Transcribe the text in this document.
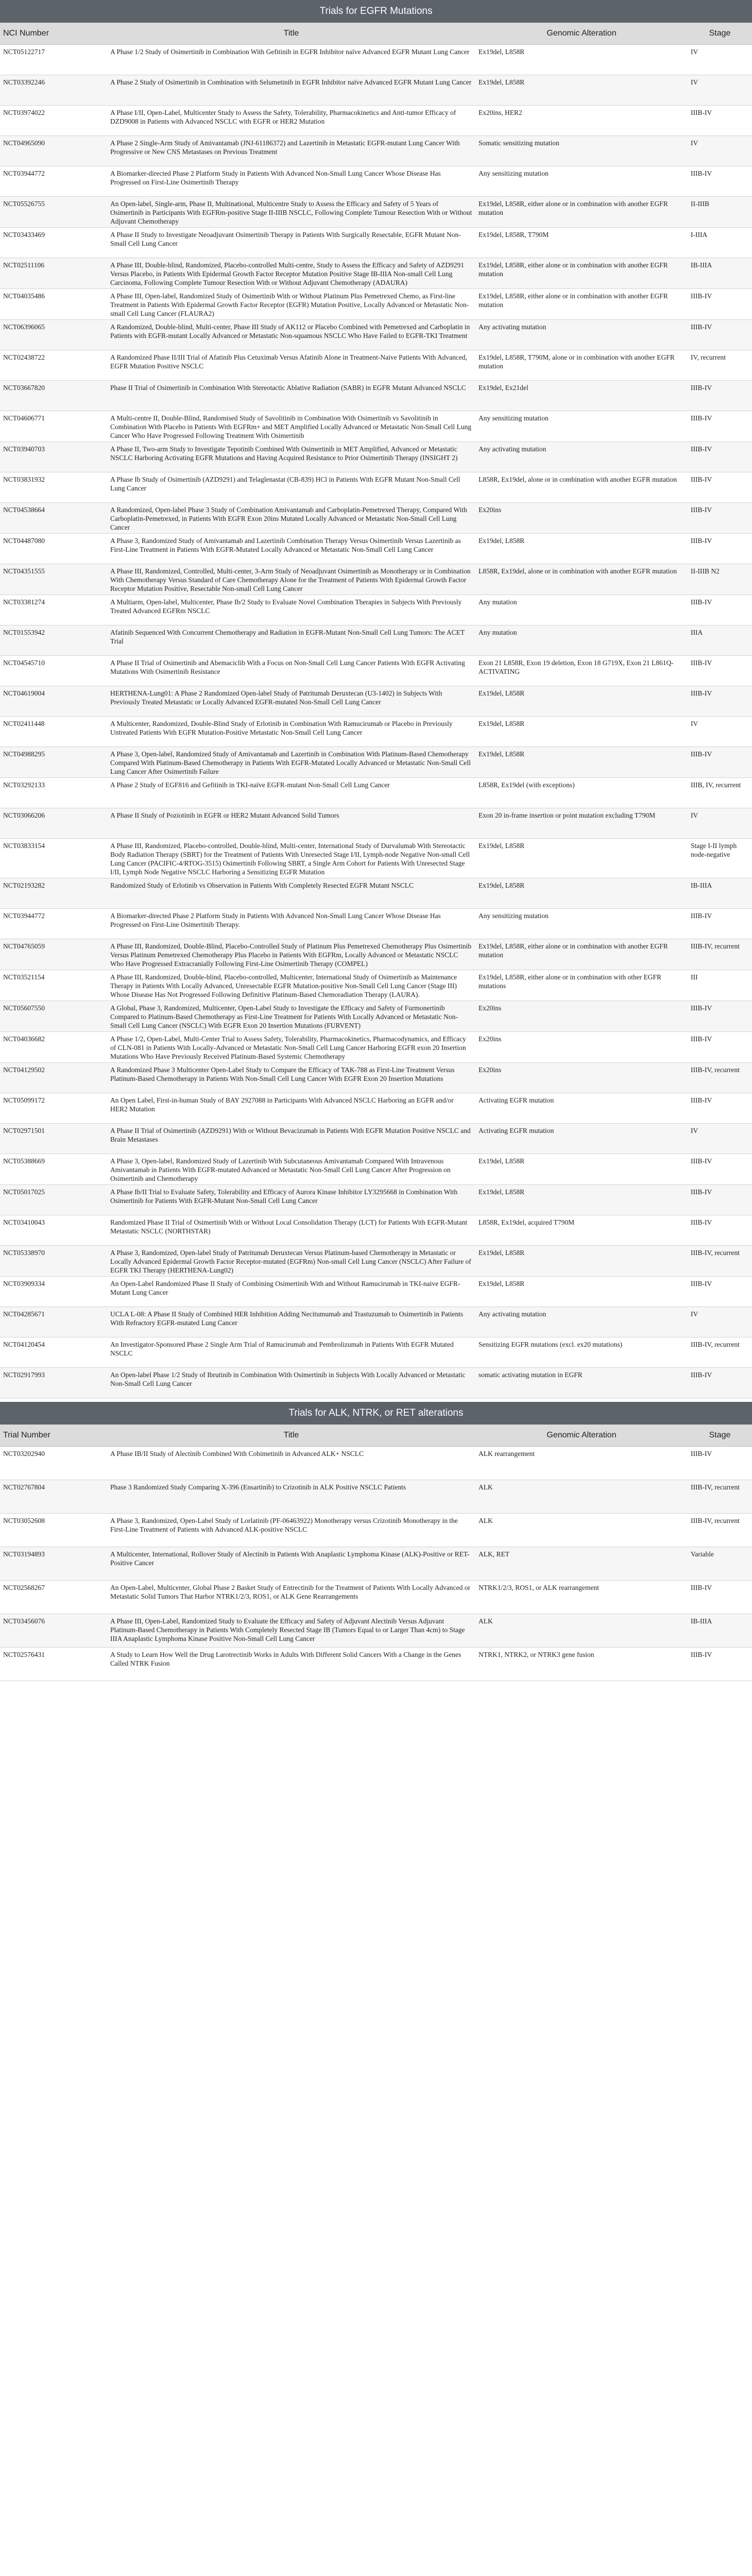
Trials for EGFR Mutations			
NCI Number	Title	Genomic Alteration	Stage
NCT05122717	A Phase 1/2 Study of Osimertinib in Combination With Gefitinib in EGFR Inhibitor naïve Advanced EGFR Mutant Lung Cancer	Ex19del, L858R	IV
NCT03392246	A Phase 2 Study of Osimertinib in Combination with Selumetinib in EGFR Inhibitor naïve Advanced EGFR Mutant Lung Cancer	Ex19del, L858R	IV
NCT03974022	A Phase I/II, Open-Label, Multicenter Study to Assess the Safety, Tolerability, Pharmacokinetics and Anti-tumor Efficacy of DZD9008 in Patients with Advanced NSCLC with EGFR or HER2 Mutation	Ex20ins, HER2	IIIB-IV
NCT04965090	A Phase 2 Single-Arm Study of Amivantamab (JNJ-61186372) and Lazertinib in Metastatic EGFR-mutant Lung Cancer With Progressive or New CNS Metastases on Previous Treatment	Somatic sensitizing mutation	IV
NCT03944772	A Biomarker-directed Phase 2 Platform Study in Patients With Advanced Non-Small Lung Cancer Whose Disease Has Progressed on First-Line Osimertinib Therapy	Any sensitizing mutation	IIIB-IV
NCT05526755	An Open-label, Single-arm, Phase II, Multinational, Multicentre Study to Assess the Efficacy and Safety of 5 Years of Osimertinib in Participants With EGFRm-positive Stage II-IIIB NSCLC, Following Complete Tumour Resection With or Without Adjuvant Chemotherapy	Ex19del, L858R, either alone or in combination with another EGFR mutation	II-IIIB
NCT03433469	A Phase II Study to Investigate Neoadjuvant Osimertinib Therapy in Patients With Surgically Resectable, EGFR Mutant Non-Small Cell Lung Cancer	Ex19del, L858R, T790M	I-IIIA
NCT02511106	A Phase III, Double-blind, Randomized, Placebo-controlled Multi-centre, Study to Assess the Efficacy and Safety of AZD9291 Versus Placebo, in Patients With Epidermal Growth Factor Receptor Mutation Positive Stage IB-IIIA Non-small Cell Lung Carcinoma, Following Complete Tumour Resection With or Without Adjuvant Chemotherapy (ADAURA)	Ex19del, L858R, either alone or in combination with another EGFR mutation	IB-IIIA
NCT04035486	A Phase III, Open-label, Randomized Study of Osimertinib With or Without Platinum Plus Pemetrexed Chemo, as First-line Treatment in Patients With Epidermal Growth Factor Receptor (EGFR) Mutation Positive, Locally Advanced or Metastatic Non-small Cell Lung Cancer (FLAURA2)	Ex19del, L858R, either alone or in combination with another EGFR mutation	IIIB-IV
NCT06396065	A Randomized, Double-blind, Multi-center, Phase III Study of AK112 or Placebo Combined with Pemetrexed and Carboplatin in Patients with EGFR-mutant Locally Advanced or Metastatic Non-squamous NSCLC Who Have Failed to EGFR-TKI Treatment	Any activating mutation	IIIB-IV
NCT02438722	A Randomized Phase II/III Trial of Afatinib Plus Cetuximab Versus Afatinib Alone in Treatment-Naive Patients With Advanced, EGFR Mutation Positive NSCLC	Ex19del, L858R, T790M, alone or in combination with another EGFR mutation	IV, recurrent
NCT03667820	Phase II Trial of Osimertinib in Combination With Stereotactic Ablative Radiation (SABR) in EGFR Mutant Advanced NSCLC	Ex19del, Ex21del	IIIB-IV
NCT04606771	A Multi-centre II, Double-Blind, Randomised Study of Savolitinib in Combination With Osimertinib vs Savolitinib in Combination With Placebo in Patients With EGFRm+ and MET Amplified Locally Advanced or Metastatic Non-Small Cell Lung Cancer Who Have Progressed Following Treatment With Osimertinib	Any sensitizing mutation	IIIB-IV
NCT03940703	A Phase II, Two-arm Study to Investigate Tepotinib Combined With Osimertinib in MET Amplified, Advanced or Metastatic NSCLC Harboring Activating EGFR Mutations and Having Acquired Resistance to Prior Osimertinib Therapy (INSIGHT 2)	Any activating mutation	IIIB-IV
NCT03831932	A Phase Ib Study of Osimertinib (AZD9291) and Telaglenastat (CB-839) HCl in Patients With EGFR Mutant Non-Small Cell Lung Cancer	L858R, Ex19del, alone or in combination with another EGFR mutation	IIIB-IV
NCT04538664	A Randomized, Open-label Phase 3 Study of Combination Amivantamab and Carboplatin-Pemetrexed Therapy, Compared With Carboplatin-Pemetrexed, in Patients With EGFR Exon 20ins Mutated Locally Advanced or Metastatic Non-Small Cell Lung Cancer	Ex20ins	IIIB-IV
NCT04487080	A Phase 3, Randomized Study of Amivantamab and Lazertinib Combination Therapy Versus Osimertinib Versus Lazertinib as First-Line Treatment in Patients With EGFR-Mutated Locally Advanced or Metastatic Non-Small Cell Lung Cancer	Ex19del, L858R	IIIB-IV
NCT04351555	A Phase III, Randomized, Controlled, Multi-center, 3-Arm Study of Neoadjuvant Osimertinib as Monotherapy or in Combination With Chemotherapy Versus Standard of Care Chemotherapy Alone for the Treatment of Patients With Epidermal Growth Factor Receptor Mutation Positive, Resectable Non-small Cell Lung Cancer	L858R, Ex19del, alone or in combination with another EGFR mutation	II-IIIB N2
NCT03381274	A Multiarm, Open-label, Multicenter, Phase Ib/2 Study to Evaluate Novel Combination Therapies in Subjects With Previously Treated Advanced EGFRm NSCLC	Any mutation	IIIB-IV
NCT01553942	Afatinib Sequenced With Concurrent Chemotherapy and Radiation in EGFR-Mutant Non-Small Cell Lung Tumors: The ACET Trial	Any mutation	IIIA
NCT04545710	A Phase II Trial of Osimertinib and Abemaciclib With a Focus on Non-Small Cell Lung Cancer Patients With EGFR Activating Mutations With Osimertinib Resistance	Exon 21 L858R, Exon 19 deletion, Exon 18 G719X, Exon 21 L861Q-ACTIVATING	IIIB-IV
NCT04619004	HERTHENA-Lung01: A Phase 2 Randomized Open-label Study of Patritumab Deruxtecan (U3-1402) in Subjects With Previously Treated Metastatic or Locally Advanced EGFR-mutated Non-Small Cell Lung Cancer	Ex19del, L858R	IIIB-IV
NCT02411448	A Multicenter, Randomized, Double-Blind Study of Erlotinib in Combination With Ramucirumab or Placebo in Previously Untreated Patients With EGFR Mutation-Positive Metastatic Non-Small Cell Lung Cancer	Ex19del, L858R	IV
NCT04988295	A Phase 3, Open-label, Randomized Study of Amivantamab and Lazertinib in Combination With Platinum-Based Chemotherapy Compared With Platinum-Based Chemotherapy in Patients With EGFR-Mutated Locally Advanced or Metastatic Non-Small Cell Lung Cancer After Osimertinib Failure	Ex19del, L858R	IIIB-IV
NCT03292133	A Phase 2 Study of EGF816 and Gefitinib in TKI-naïve EGFR-mutant Non-Small Cell Lung Cancer	L858R, Ex19del (with exceptions)	IIIB, IV, recurrent
NCT03066206	A Phase II Study of Poziotinib in EGFR or HER2 Mutant Advanced Solid Tumors	Exon 20 in-frame insertion or point mutation excluding T790M	IV
NCT03833154	A Phase III, Randomized, Placebo-controlled, Double-blind, Multi-center, International Study of Durvalumab With Stereotactic Body Radiation Therapy (SBRT) for the Treatment of Patients With Unresected Stage I/II, Lymph-node Negative Non-small Cell Lung Cancer (PACIFIC-4/RTOG-3515) Osimertinib Following SBRT, a Single Arm Cohort for Patients With Unresected Stage I/II, Lymph Node Negative NSCLC Harboring a Sensitizing EGFR Mutation	Ex19del, L858R	Stage I-II lymph node-negative
NCT02193282	Randomized Study of Erlotinib vs Observation in Patients With Completely Resected EGFR Mutant NSCLC	Ex19del, L858R	IB-IIIA
NCT03944772	A Biomarker-directed Phase 2 Platform Study in Patients With Advanced Non-Small Lung Cancer Whose Disease Has Progressed on First-Line Osimertinib Therapy.	Any sensitizing mutation	IIIB-IV
NCT04765059	A Phase III, Randomized, Double-Blind, Placebo-Controlled Study of Platinum Plus Pemetrexed Chemotherapy Plus Osimertinib Versus Platinum Pemetrexed Chemotherapy Plus Placebo in Patients With EGFRm, Locally Advanced or Metastatic NSCLC Who Have Progressed Extracranially Following First-Line Osimertinib Therapy (COMPEL)	Ex19del, L858R, either alone or in combination with another EGFR mutation	IIIB-IV, recurrent
NCT03521154	A Phase III, Randomized, Double-blind, Placebo-controlled, Multicenter, International Study of Osimertinib as Maintenance Therapy in Patients With Locally Advanced, Unresectable EGFR Mutation-positive Non-Small Cell Lung Cancer (Stage III) Whose Disease Has Not Progressed Following Definitive Platinum-Based Chemoradiation Therapy (LAURA).	Ex19del, L858R, either alone or in combination with other EGFR mutations	III
NCT05607550	A Global, Phase 3, Randomized, Multicenter, Open-Label Study to Investigate the Efficacy and Safety of Furmonertinib Compared to Platinum-Based Chemotherapy as First-Line Treatment for Patients With Locally Advanced or Metastatic Non-Small Cell Lung Cancer (NSCLC) With EGFR Exon 20 Insertion Mutations (FURVENT)	Ex20ins	IIIB-IV
NCT04036682	A Phase 1/2, Open-Label, Multi-Center Trial to Assess Safety, Tolerability, Pharmacokinetics, Pharmacodynamics, and Efficacy of CLN-081 in Patients With Locally-Advanced or Metastatic Non-Small Cell Lung Cancer Harboring EGFR exon 20 Insertion Mutations Who Have Previously Received Platinum-Based Systemic Chemotherapy	Ex20ins	IIIB-IV
NCT04129502	A Randomized Phase 3 Multicenter Open-Label Study to Compare the Efficacy of TAK-788 as First-Line Treatment Versus Platinum-Based Chemotherapy in Patients With Non-Small Cell Lung Cancer With EGFR Exon 20 Insertion Mutations	Ex20ins	IIIB-IV, recurrent
NCT05099172	An Open Label, First-in-human Study of BAY 2927088 in Participants With Advanced NSCLC Harboring an EGFR and/or HER2 Mutation	Activating EGFR mutation	IIIB-IV
NCT02971501	A Phase II Trial of Osimertinib (AZD9291) With or Without Bevacizumab in Patients With EGFR Mutation Positive NSCLC and Brain Metastases	Activating EGFR mutation	IV
NCT05388669	A Phase 3, Open-label, Randomized Study of Lazertinib With Subcutaneous Amivantamab Compared With Intravenous Amivantamab in Patients With EGFR-mutated Advanced or Metastatic Non-Small Cell Lung Cancer After Progression on Osimertinib and Chemotherapy	Ex19del, L858R	IIIB-IV
NCT05017025	A Phase Ib/II Trial to Evaluate Safety, Tolerability and Efficacy of Aurora Kinase Inhibitor LY3295668 in Combination With Osimertinib for Patients With EGFR-Mutant Non-Small Cell Lung Cancer	Ex19del, L858R	IIIB-IV
NCT03410043	Randomized Phase II Trial of Osimertinib With or Without Local Consolidation Therapy (LCT) for Patients With EGFR-Mutant Metastatic NSCLC (NORTHSTAR)	L858R, Ex19del, acquired T790M	IIIB-IV
NCT05338970	A Phase 3, Randomized, Open-label Study of Patritumab Deruxtecan Versus Platinum-based Chemotherapy in Metastatic or Locally Advanced Epidermal Growth Factor Receptor-mutated (EGFRm) Non-small Cell Lung Cancer (NSCLC) After Failure of EGFR TKI Therapy (HERTHENA-Lung02)	Ex19del, L858R	IIIB-IV, recurrent
NCT03909334	An Open-Label Randomized Phase II Study of Combining Osimertinib With and Without Ramucirumab in TKI-naive EGFR-Mutant Lung Cancer	Ex19del, L858R	IIIB-IV
NCT04285671	UCLA L-08: A Phase II Study of Combined HER Inhibition Adding Necitumumab and Trastuzumab to Osimertinib in Patients With Refractory EGFR-mutated Lung Cancer	Any activating mutation	IV
NCT04120454	An Investigator-Sponsored Phase 2 Single Arm Trial of Ramucirumab and Pembrolizumab in Patients With EGFR Mutated NSCLC	Sensitizing EGFR mutations (excl. ex20 mutations)	IIIB-IV, recurrent
NCT02917993	An Open-label Phase 1/2 Study of Ibrutinib in Combination With Osimertinib in Subjects With Locally Advanced or Metastatic Non-Small Cell Lung Cancer	somatic activating mutation in EGFR	IIIB-IV
Trials for ALK, NTRK, or RET alterations			
Trial Number	Title	Genomic Alteration	Stage
NCT03202940	A Phase IB/II Study of Alectinib Combined With Cobimetinib in Advanced ALK+ NSCLC	ALK rearrangement	IIIB-IV
NCT02767804	Phase 3 Randomized Study Comparing X-396 (Ensartinib) to Crizotinib in ALK Positive NSCLC Patients	ALK	IIIB-IV, recurrent
NCT03052608	A Phase 3, Randomized, Open-Label Study of Lorlatinib (PF-06463922) Monotherapy versus Crizotinib Monotherapy in the First-Line Treatment of Patients with Advanced ALK-positive NSCLC	ALK	IIIB-IV, recurrent
NCT03194893	A Multicenter, International, Rollover Study of Alectinib in Patients With Anaplastic Lymphoma Kinase (ALK)-Positive or RET-Positive Cancer	ALK, RET	Variable
NCT02568267	An Open-Label, Multicenter, Global Phase 2 Basket Study of Entrectinib for the Treatment of Patients With Locally Advanced or Metastatic Solid Tumors That Harbor NTRK1/2/3, ROS1, or ALK Gene Rearrangements	NTRK1/2/3, ROS1, or ALK rearrangement	IIIB-IV
NCT03456076	A Phase III, Open-Label, Randomized Study to Evaluate the Efficacy and Safety of Adjuvant Alectinib Versus Adjuvant Platinum-Based Chemotherapy in Patients With Completely Resected Stage IB (Tumors Equal to or Larger Than 4cm) to Stage IIIA Anaplastic Lymphoma Kinase Positive Non-Small Cell Lung Cancer	ALK	IB-IIIA
NCT02576431	A Study to Learn How Well the Drug Larotrectinib Works in Adults With Different Solid Cancers With a Change in the Genes Called NTRK Fusion	NTRK1, NTRK2, or NTRK3 gene fusion	IIIB-IV
